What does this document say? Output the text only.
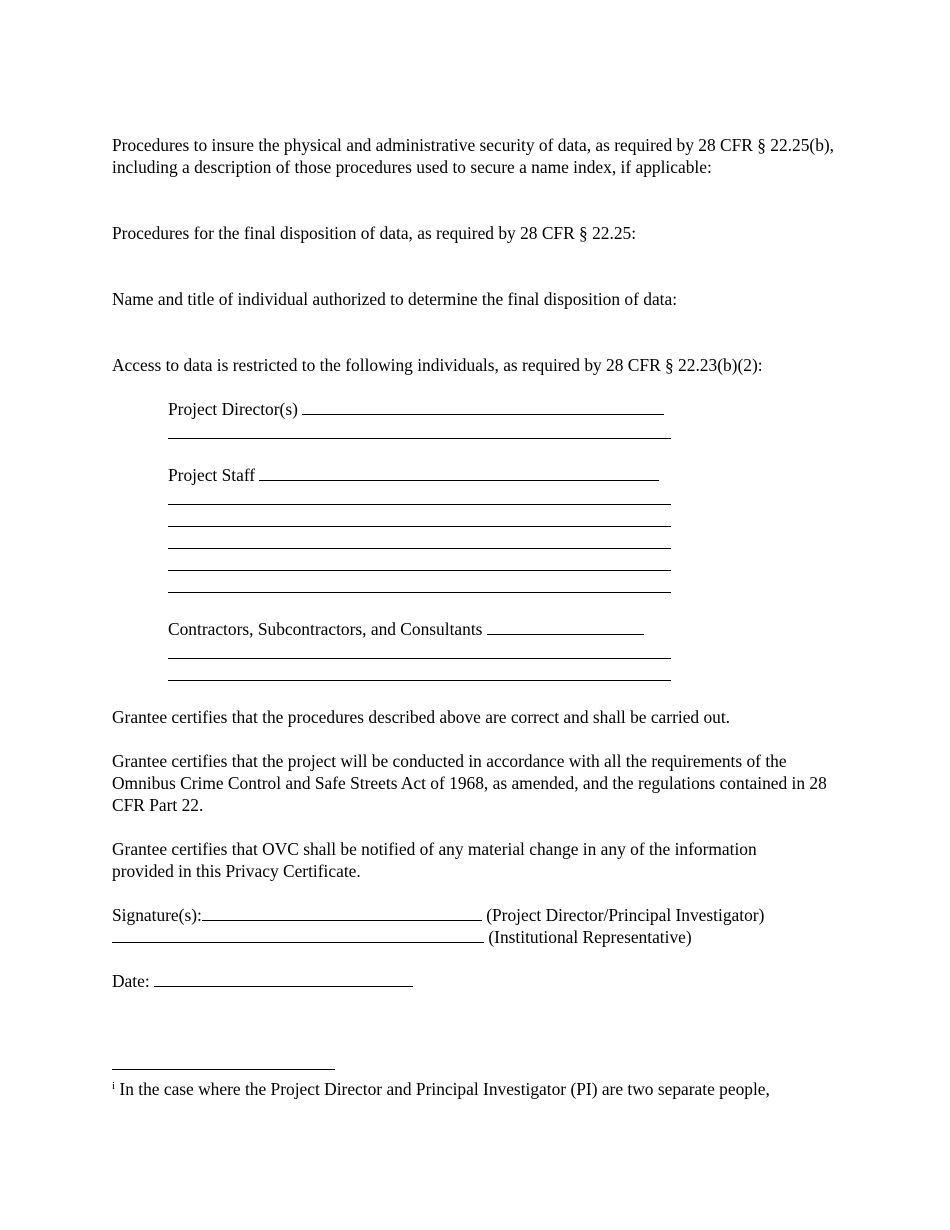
Procedures to insure the physical and administrative security of data, as required by 28 CFR § 22.25(b), including a description of those procedures used to secure a name index, if applicable:

Procedures for the final disposition of data, as required by 28 CFR § 22.25:

Name and title of individual authorized to determine the final disposition of data:

Access to data is restricted to the following individuals, as required by 28 CFR § 22.23(b)(2):

Project Director(s)
Project Staff
Contractors, Subcontractors, and Consultants

Grantee certifies that the procedures described above are correct and shall be carried out.

Grantee certifies that the project will be conducted in accordance with all the requirements of the Omnibus Crime Control and Safe Streets Act of 1968, as amended, and the regulations contained in 28 CFR Part 22.

Grantee certifies that OVC shall be notified of any material change in any of the information provided in this Privacy Certificate.

Signature(s):	(Project Director/Principal Investigator)
(Institutional Representative)
Date:
$^i$ In the case where the Project Director and Principal Investigator (PI) are two separate people,
